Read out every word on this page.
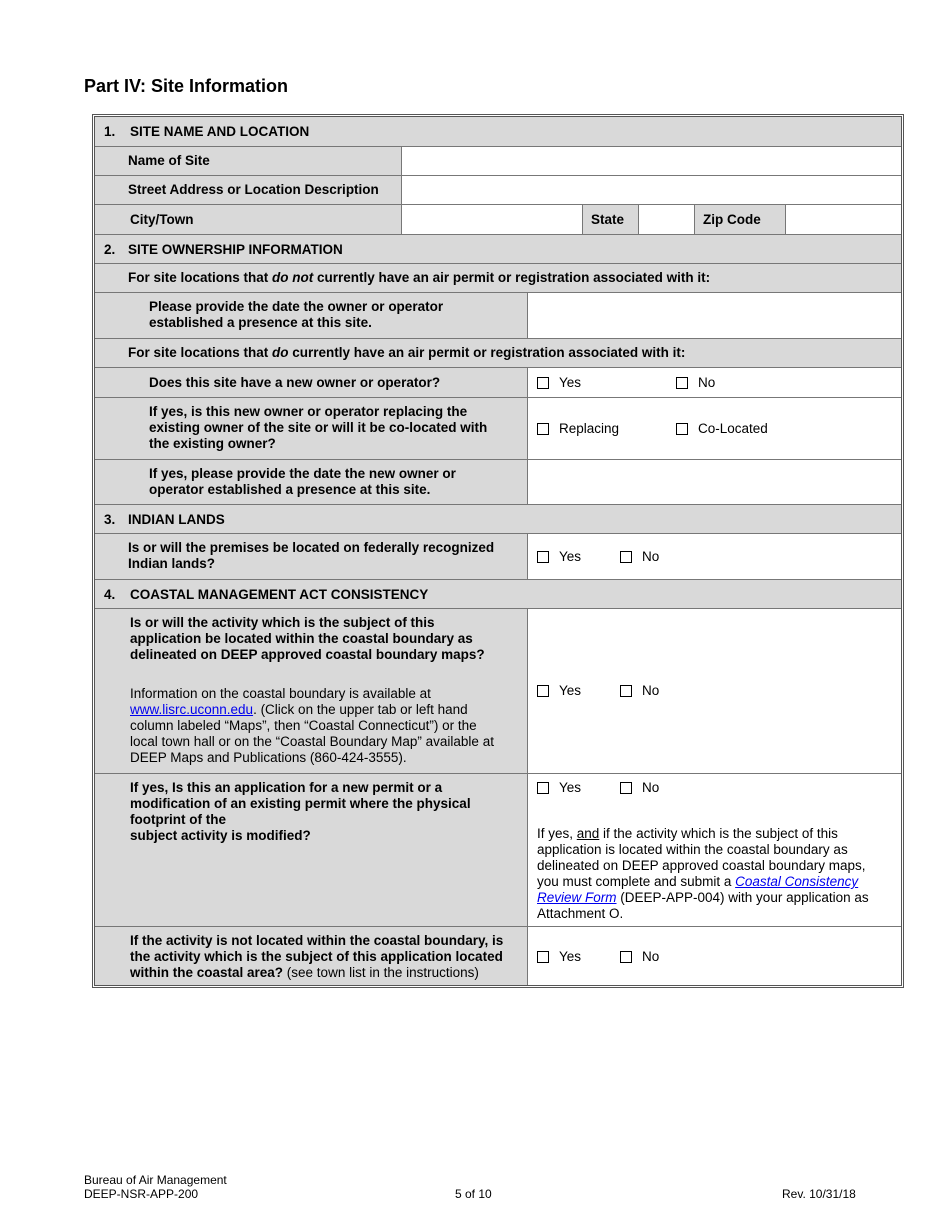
Part IV: Site Information
1. SITE NAME AND LOCATION
Name of Site
Street Address or Location Description
City/Town	State	Zip Code
2. SITE OWNERSHIP INFORMATION
For site locations that do not currently have an air permit or registration associated with it:
Please provide the date the owner or operator
established a presence at this site.
For site locations that do currently have an air permit or registration associated with it:
Does this site have a new owner or operator?	Yes	No
If yes, is this new owner or operator replacing the
existing owner of the site or will it be co-located with
the existing owner?
Replacing	Co-Located
If yes, please provide the date the new owner or
operator established a presence at this site.
3. INDIAN LANDS
Is or will the premises be located on federally recognized
Indian lands?	Yes	No
4. COASTAL MANAGEMENT ACT CONSISTENCY
Is or will the activity which is the subject of this
application be located within the coastal boundary as
delineated on DEEP approved coastal boundary maps?
Information on the coastal boundary is available at
www.lisrc.uconn.edu. (Click on the upper tab or left hand
column labeled “Maps”, then “Coastal Connecticut”) or the
local town hall or on the “Coastal Boundary Map” available at
DEEP Maps and Publications (860-424-3555).
Yes	No
If yes, Is this an application for a new permit or a
modification of an existing permit where the physical
footprint of the
subject activity is modified?
Yes	No
If yes, and if the activity which is the subject of this
application is located within the coastal boundary as
delineated on DEEP approved coastal boundary maps,
you must complete and submit a Coastal Consistency
Review Form (DEEP-APP-004) with your application as
Attachment O.
If the activity is not located within the coastal boundary, is
the activity which is the subject of this application located
within the coastal area? (see town list in the instructions)
Yes	No
Bureau of Air Management
DEEP-NSR-APP-200	5 of 10	Rev. 10/31/18
